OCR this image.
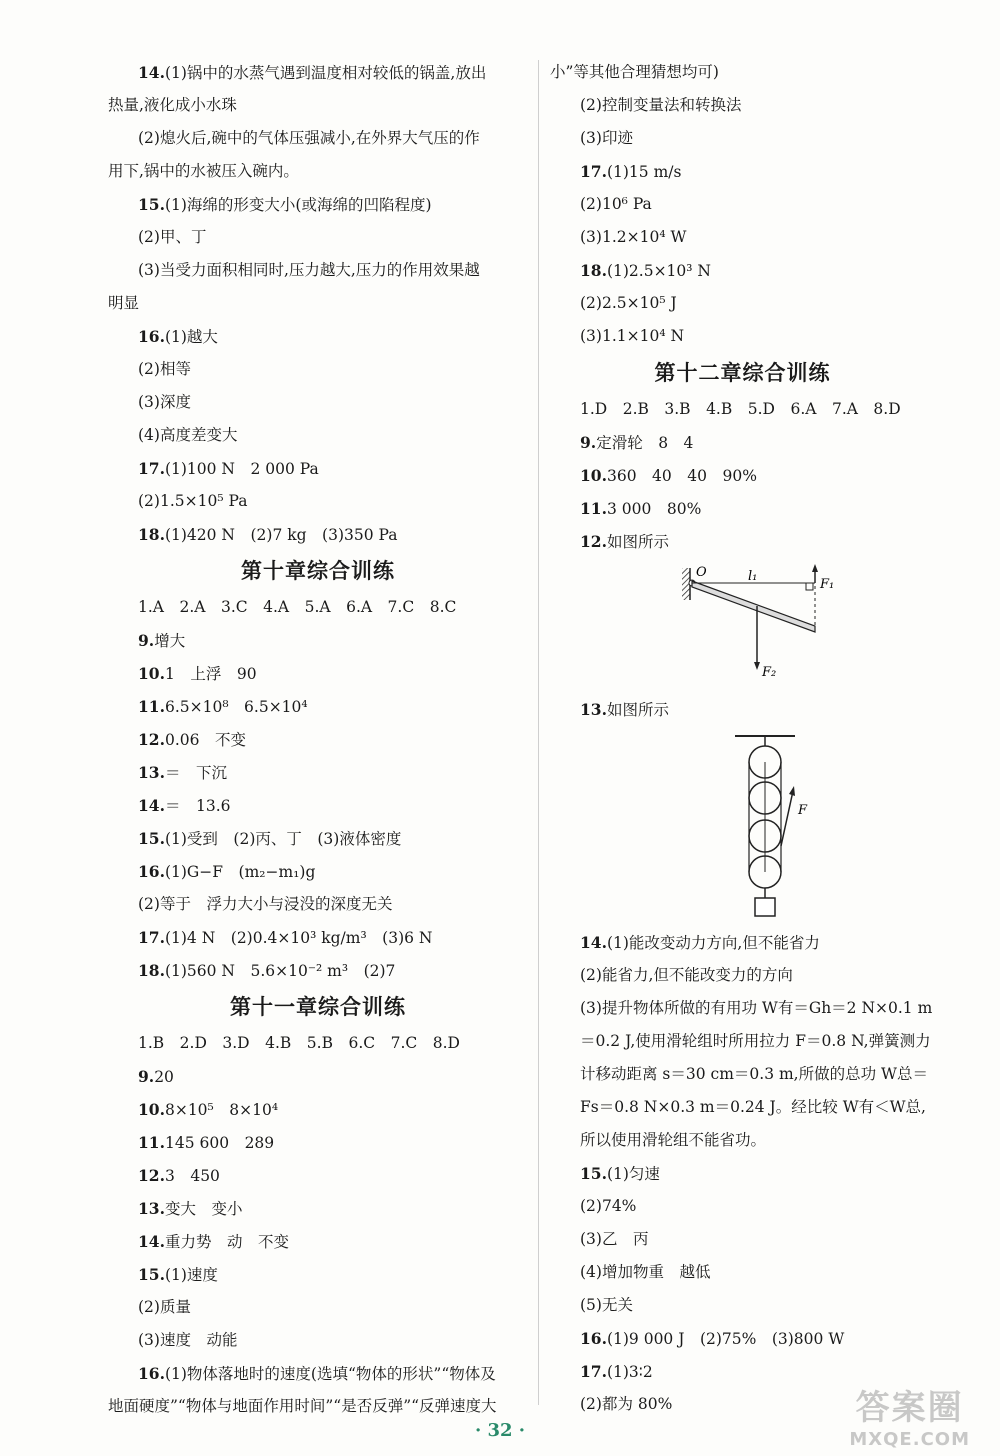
14.(1)锅中的水蒸气遇到温度相对较低的锅盖,放出
热量,液化成小水珠
(2)熄火后,碗中的气体压强减小,在外界大气压的作
用下,锅中的水被压入碗内。
15.(1)海绵的形变大小(或海绵的凹陷程度)
(2)甲、丁
(3)当受力面积相同时,压力越大,压力的作用效果越
明显
16.(1)越大
(2)相等
(3)深度
(4)高度差变大
17.(1)100 N　2 000 Pa
(2)1.5×10⁵ Pa
18.(1)420 N　(2)7 kg　(3)350 Pa
第十章综合训练
1.A　2.A　3.C　4.A　5.A　6.A　7.C　8.C
9.增大
10.1　上浮　90
11.6.5×10⁸　6.5×10⁴
12.0.06　不变
13.＝　下沉
14.＝　13.6
15.(1)受到　(2)丙、丁　(3)液体密度
16.(1)G−F　(m₂−m₁)g
(2)等于　浮力大小与浸没的深度无关
17.(1)4 N　(2)0.4×10³ kg/m³　(3)6 N
18.(1)560 N　5.6×10⁻² m³　(2)7
第十一章综合训练
1.B　2.D　3.D　4.B　5.B　6.C　7.C　8.D
9.20
10.8×10⁵　8×10⁴
11.145 600　289
12.3　450
13.变大　变小
14.重力势　动　不变
15.(1)速度
(2)质量
(3)速度　动能
16.(1)物体落地时的速度(选填“物体的形状”“物体及
地面硬度”“物体与地面作用时间”“是否反弹”“反弹速度大
小”等其他合理猜想均可)
(2)控制变量法和转换法
(3)印迹
17.(1)15 m/s
(2)10⁶ Pa
(3)1.2×10⁴ W
18.(1)2.5×10³ N
(2)2.5×10⁵ J
(3)1.1×10⁴ N
第十二章综合训练
1.D　2.B　3.B　4.B　5.D　6.A　7.A　8.D
9.定滑轮　8　4
10.360　40　40　90%
11.3 000　80%
12.如图所示
O	l₁
F₁
F₂
13.如图所示
F
14.(1)能改变动力方向,但不能省力
(2)能省力,但不能改变力的方向
(3)提升物体所做的有用功 W有＝Gh＝2 N×0.1 m＝0.2 J,使用滑轮组时所用拉力 F＝0.8 N,弹簧测力计移动距离 s＝30 cm＝0.3 m,所做的总功 W总＝Fs＝0.8 N×0.3 m＝0.24 J。经比较 W有＜W总,所以使用滑轮组不能省功。
15.(1)匀速
(2)74%
(3)乙　丙
(4)增加物重　越低
(5)无关
16.(1)9 000 J　(2)75%　(3)800 W
17.(1)3∶2
(2)都为 80%
· 32 ·
答案圈
MXQE.COM
